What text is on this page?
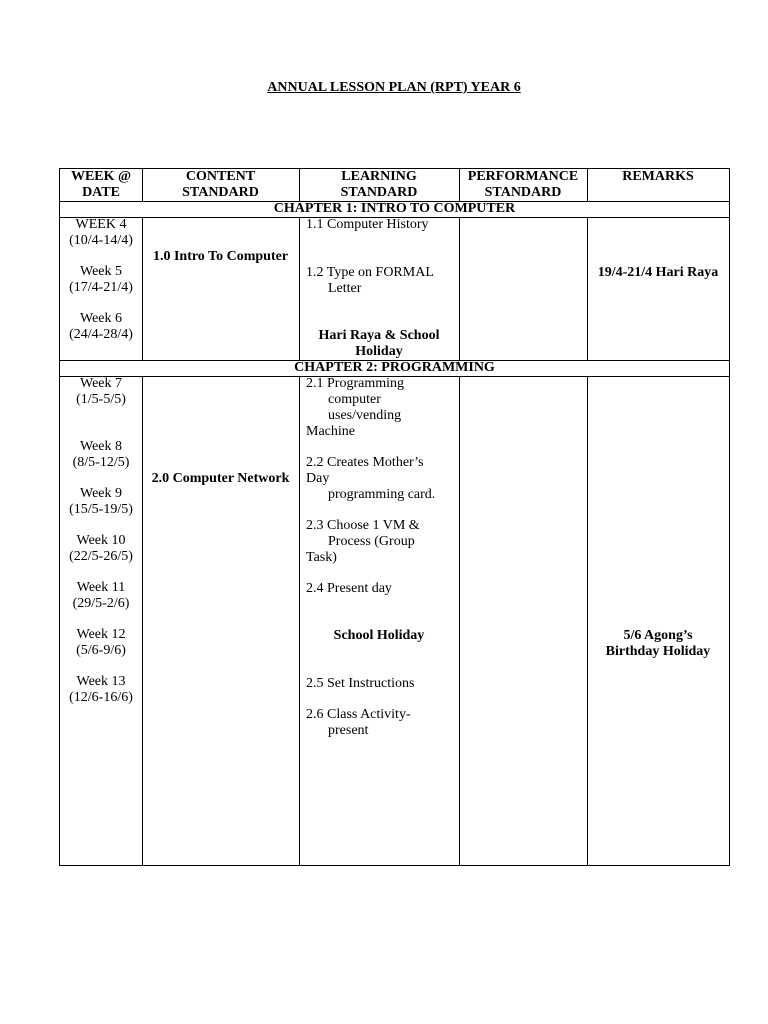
ANNUAL LESSON PLAN (RPT) YEAR 6
WEEK @
DATE
CONTENT
STANDARD
LEARNING
STANDARD
PERFORMANCE
STANDARD
REMARKS
CHAPTER 1: INTRO TO COMPUTER
WEEK 4
(10/4-14/4)
Week 5
(17/4-21/4)
Week 6
(24/4-28/4)
1.0 Intro To Computer
1.1 Computer History
1.2 Type on FORMAL
Letter
Hari Raya & School
Holiday
19/4-21/4 Hari Raya
CHAPTER 2: PROGRAMMING
Week 7
(1/5-5/5)
Week 8
(8/5-12/5)
Week 9
(15/5-19/5)
Week 10
(22/5-26/5)
Week 11
(29/5-2/6)
Week 12
(5/6-9/6)
Week 13
(12/6-16/6)
2.0 Computer Network
2.1 Programming
computer
uses/vending
Machine
2.2 Creates Mother’s
Day
programming card.
2.3 Choose 1 VM &
Process (Group
Task)
2.4 Present day
School Holiday
2.5 Set Instructions
2.6 Class Activity-
present
5/6 Agong’s
Birthday Holiday
